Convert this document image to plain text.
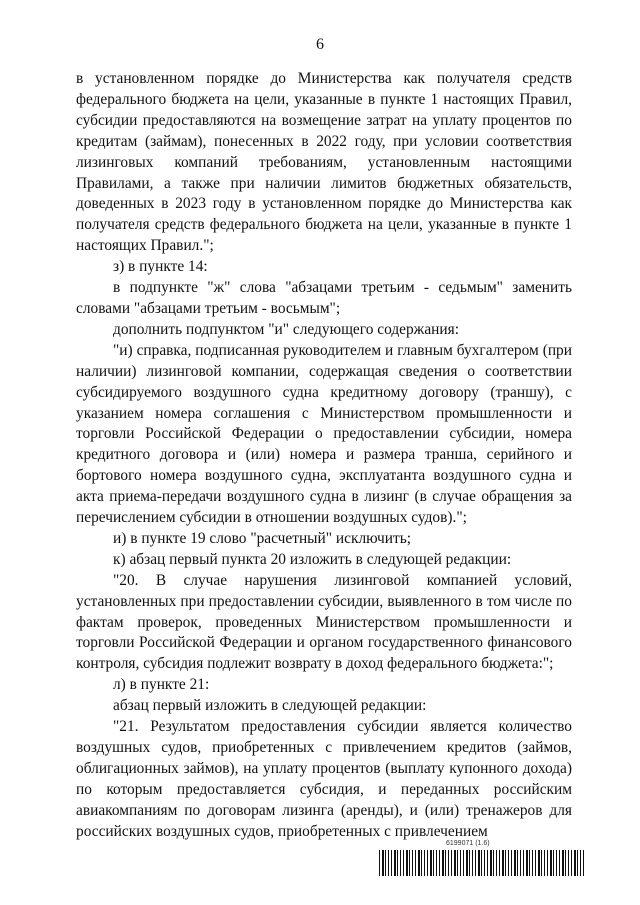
6

в установленном порядке до Министерства как получателя средств федерального бюджета на цели, указанные в пункте 1 настоящих Правил, субсидии предоставляются на возмещение затрат на уплату процентов по кредитам (займам), понесенных в 2022 году, при условии соответствия лизинговых компаний требованиям, установленным настоящими Правилами, а также при наличии лимитов бюджетных обязательств, доведенных в 2023 году в установленном порядке до Министерства как получателя средств федерального бюджета на цели, указанные в пункте 1 настоящих Правил.";

з) в пункте 14:

в подпункте "ж" слова "абзацами третьим - седьмым" заменить словами "абзацами третьим - восьмым";

дополнить подпунктом "и" следующего содержания:

"и) справка, подписанная руководителем и главным бухгалтером (при наличии) лизинговой компании, содержащая сведения о соответствии субсидируемого воздушного судна кредитному договору (траншу), с указанием номера соглашения с Министерством промышленности и торговли Российской Федерации о предоставлении субсидии, номера кредитного договора и (или) номера и размера транша, серийного и бортового номера воздушного судна, эксплуатанта воздушного судна и акта приема-передачи воздушного судна в лизинг (в случае обращения за перечислением субсидии в отношении воздушных судов).";

и) в пункте 19 слово "расчетный" исключить;

к) абзац первый пункта 20 изложить в следующей редакции:

"20. В случае нарушения лизинговой компанией условий, установленных при предоставлении субсидии, выявленного в том числе по фактам проверок, проведенных Министерством промышленности и торговли Российской Федерации и органом государственного финансового контроля, субсидия подлежит возврату в доход федерального бюджета:";

л) в пункте 21:

абзац первый изложить в следующей редакции:

"21. Результатом предоставления субсидии является количество воздушных судов, приобретенных с привлечением кредитов (займов, облигационных займов), на уплату процентов (выплату купонного дохода) по которым предоставляется субсидия, и переданных российским авиакомпаниям по договорам лизинга (аренды), и (или) тренажеров для российских воздушных судов, приобретенных с привлечением

6199071 (1.6)
